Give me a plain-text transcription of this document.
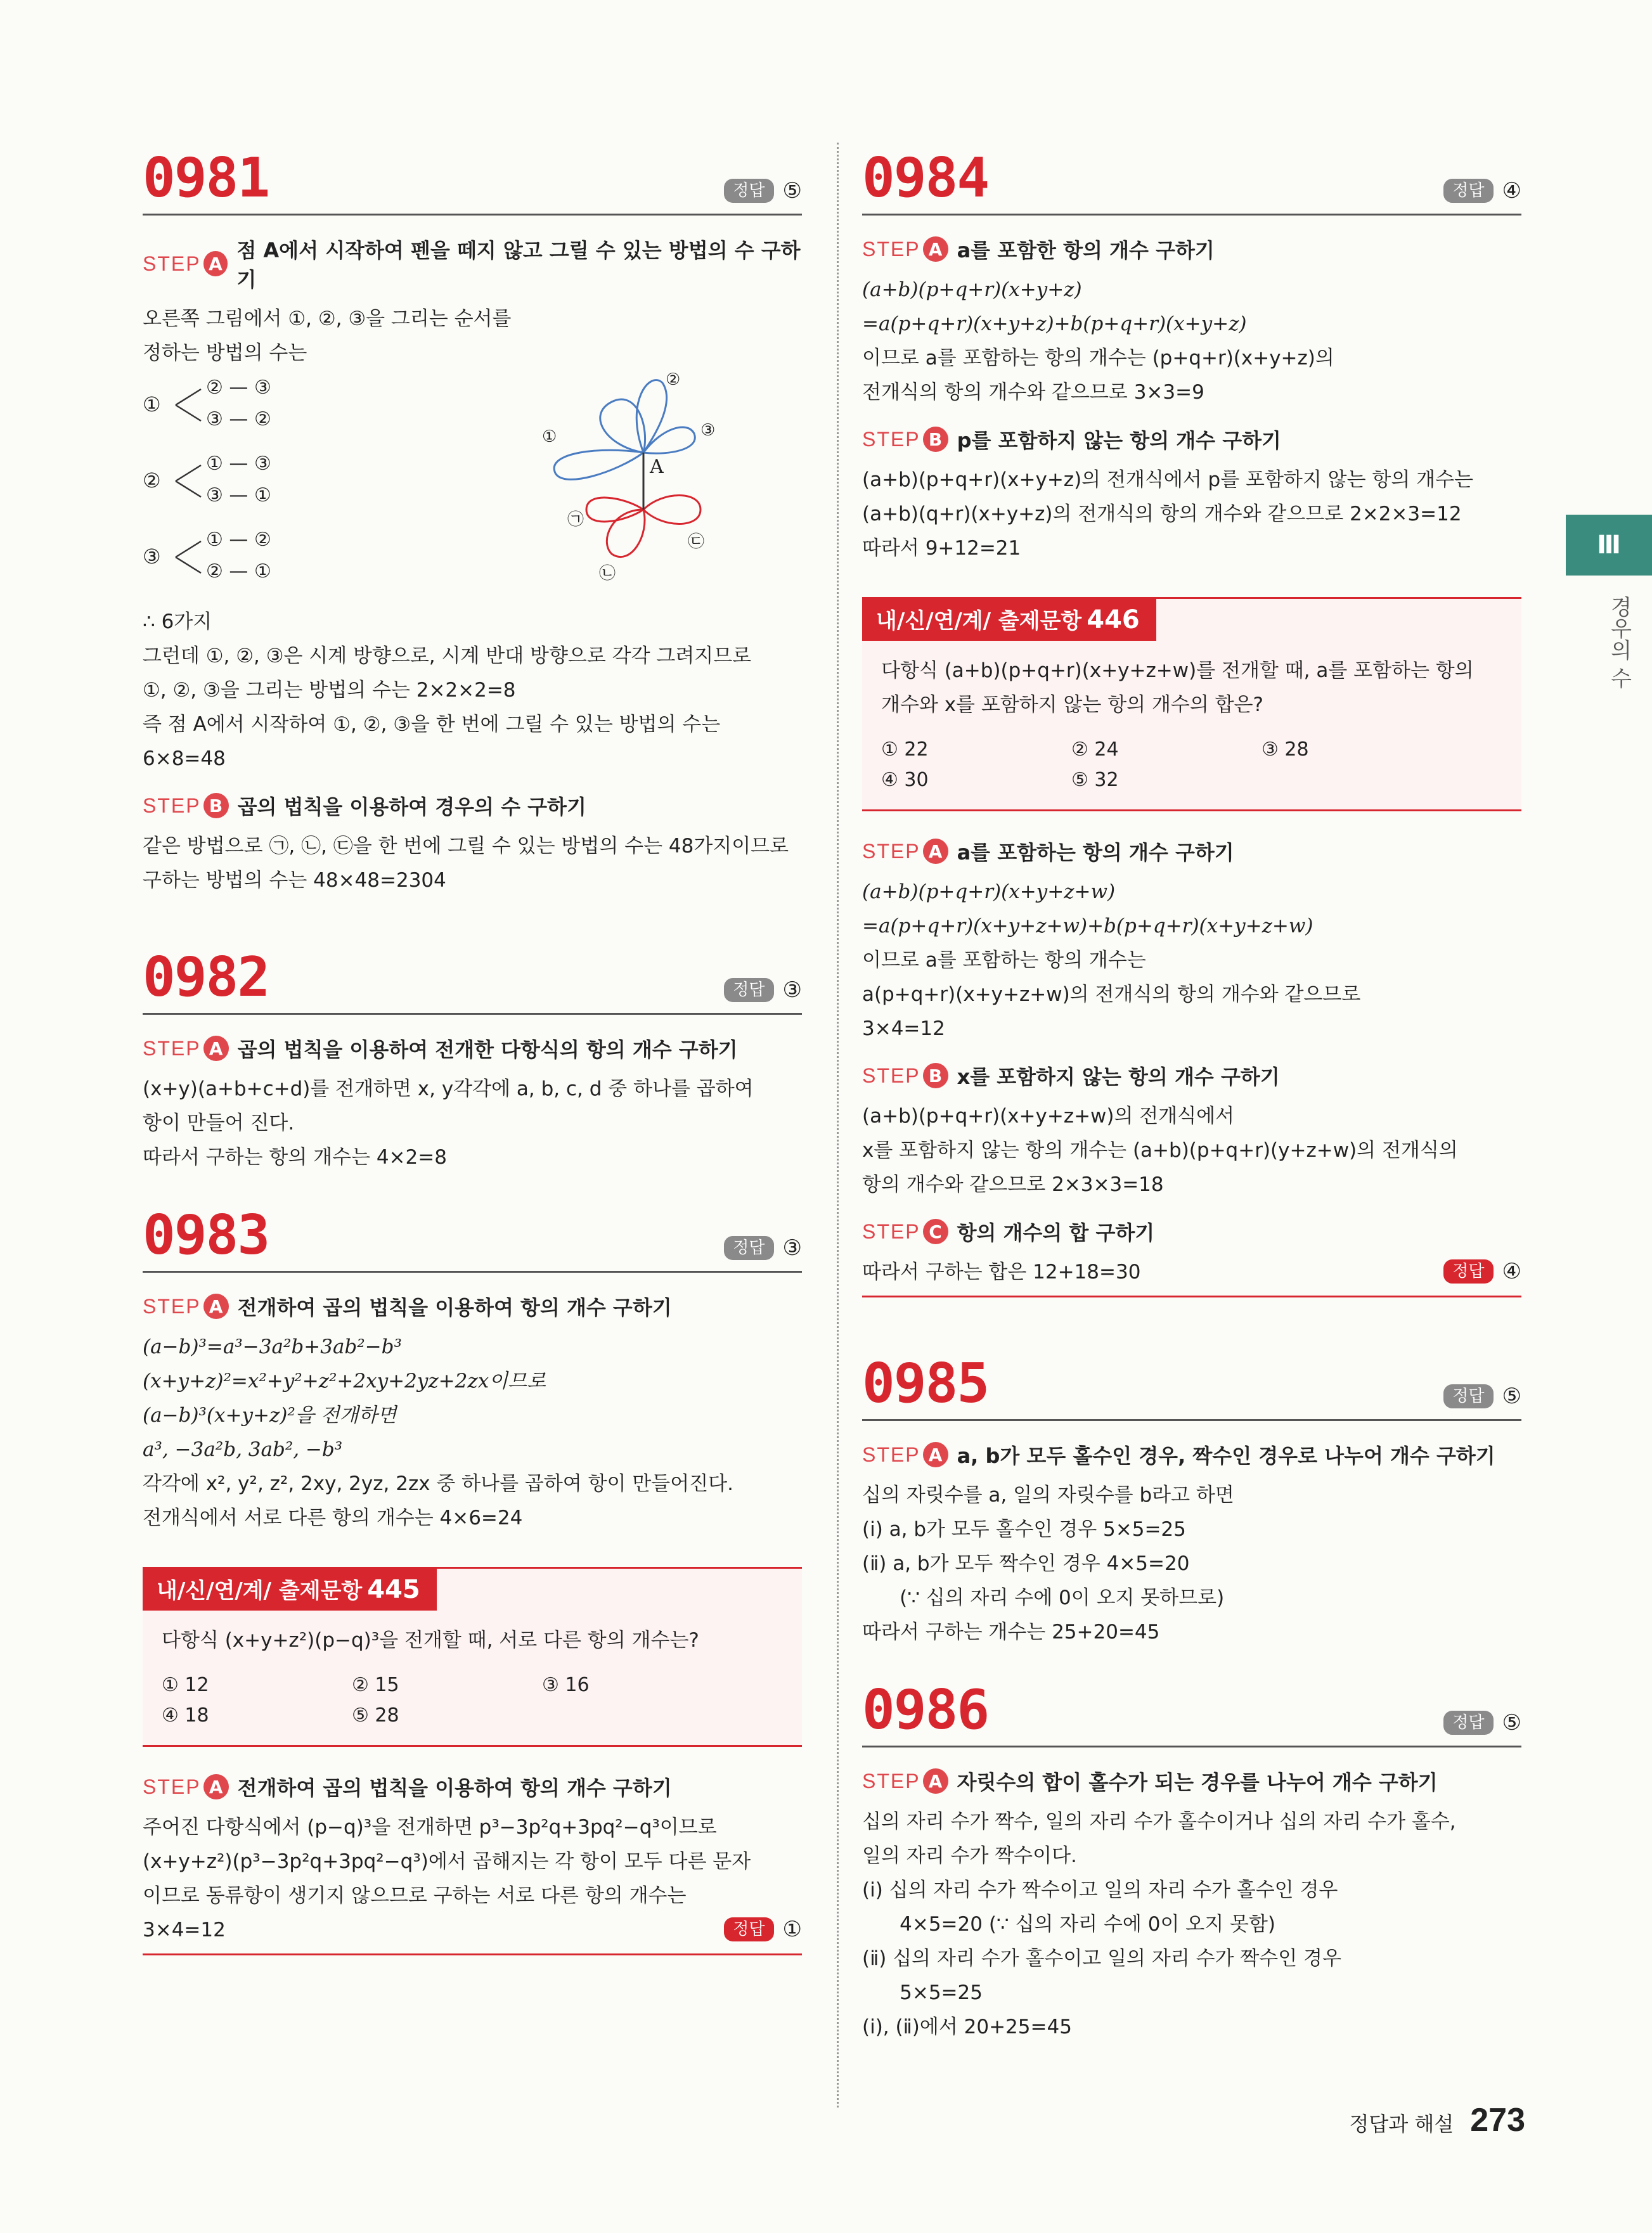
0981	정답 ⑤
STEP A
점 A에서 시작하여 펜을 떼지 않고 그릴 수 있는 방법의 수 구하기
오른쪽 그림에서 ①, ②, ③을 그리는 순서를
정하는 방법의 수는
①
②
③
② — ③
③ — ②
① — ③
③ — ①
① — ②
② — ①
A
①
②
③
㉠
㉡
㉢
∴ 6가지
그런데 ①, ②, ③은 시계 방향으로, 시계 반대 방향으로 각각 그려지므로
①, ②, ③을 그리는 방법의 수는 2×2×2=8
즉 점 A에서 시작하여 ①, ②, ③을 한 번에 그릴 수 있는 방법의 수는
6×8=48
STEP B 곱의 법칙을 이용하여 경우의 수 구하기
같은 방법으로 ㉠, ㉡, ㉢을 한 번에 그릴 수 있는 방법의 수는 48가지이므로
구하는 방법의 수는 48×48=2304
0982	정답 ③
STEP A 곱의 법칙을 이용하여 전개한 다항식의 항의 개수 구하기
(x+y)(a+b+c+d)를 전개하면 x, y각각에 a, b, c, d 중 하나를 곱하여
항이 만들어 진다.
따라서 구하는 항의 개수는 4×2=8
0983	정답 ③
STEP A 전개하여 곱의 법칙을 이용하여 항의 개수 구하기
(a−b)³=a³−3a²b+3ab²−b³
(x+y+z)²=x²+y²+z²+2xy+2yz+2zx이므로
(a−b)³(x+y+z)²을 전개하면
a³, −3a²b, 3ab², −b³
각각에 x², y², z², 2xy, 2yz, 2zx 중 하나를 곱하여 항이 만들어진다.
전개식에서 서로 다른 항의 개수는 4×6=24
내/신/연/계/ 출제문항 445
다항식 (x+y+z²)(p−q)³을 전개할 때, 서로 다른 항의 개수는?
① 12	② 15	③ 16
④ 18	⑤ 28
STEP A 전개하여 곱의 법칙을 이용하여 항의 개수 구하기
주어진 다항식에서 (p−q)³을 전개하면 p³−3p²q+3pq²−q³이므로
(x+y+z²)(p³−3p²q+3pq²−q³)에서 곱해지는 각 항이 모두 다른 문자
이므로 동류항이 생기지 않으므로 구하는 서로 다른 항의 개수는
3×4=12	정답 ①
0984	정답 ④
STEP A a를 포함한 항의 개수 구하기
(a+b)(p+q+r)(x+y+z)
=a(p+q+r)(x+y+z)+b(p+q+r)(x+y+z)
이므로 a를 포함하는 항의 개수는 (p+q+r)(x+y+z)의
전개식의 항의 개수와 같으므로 3×3=9
STEP B p를 포함하지 않는 항의 개수 구하기
(a+b)(p+q+r)(x+y+z)의 전개식에서 p를 포함하지 않는 항의 개수는
(a+b)(q+r)(x+y+z)의 전개식의 항의 개수와 같으므로 2×2×3=12
따라서 9+12=21
내/신/연/계/ 출제문항 446
다항식 (a+b)(p+q+r)(x+y+z+w)를 전개할 때, a를 포함하는 항의
개수와 x를 포함하지 않는 항의 개수의 합은?
① 22	② 24	③ 28
④ 30	⑤ 32
STEP A a를 포함하는 항의 개수 구하기
(a+b)(p+q+r)(x+y+z+w)
=a(p+q+r)(x+y+z+w)+b(p+q+r)(x+y+z+w)
이므로 a를 포함하는 항의 개수는
a(p+q+r)(x+y+z+w)의 전개식의 항의 개수와 같으므로
3×4=12
STEP B x를 포함하지 않는 항의 개수 구하기
(a+b)(p+q+r)(x+y+z+w)의 전개식에서
x를 포함하지 않는 항의 개수는 (a+b)(p+q+r)(y+z+w)의 전개식의
항의 개수와 같으므로 2×3×3=18
STEP C 항의 개수의 합 구하기
따라서 구하는 합은 12+18=30	정답 ④
0985	정답 ⑤
STEP A a, b가 모두 홀수인 경우, 짝수인 경우로 나누어 개수 구하기
십의 자릿수를 a, 일의 자릿수를 b라고 하면
(ⅰ) a, b가 모두 홀수인 경우 5×5=25
(ⅱ) a, b가 모두 짝수인 경우 4×5=20
(∵ 십의 자리 수에 0이 오지 못하므로)
따라서 구하는 개수는 25+20=45
0986	정답 ⑤
STEP A 자릿수의 합이 홀수가 되는 경우를 나누어 개수 구하기
십의 자리 수가 짝수, 일의 자리 수가 홀수이거나 십의 자리 수가 홀수,
일의 자리 수가 짝수이다.
(ⅰ) 십의 자리 수가 짝수이고 일의 자리 수가 홀수인 경우
4×5=20 (∵ 십의 자리 수에 0이 오지 못함)
(ⅱ) 십의 자리 수가 홀수이고 일의 자리 수가 짝수인 경우
5×5=25
(ⅰ), (ⅱ)에서 20+25=45
Ⅲ
경우의 수
정답과 해설 273
